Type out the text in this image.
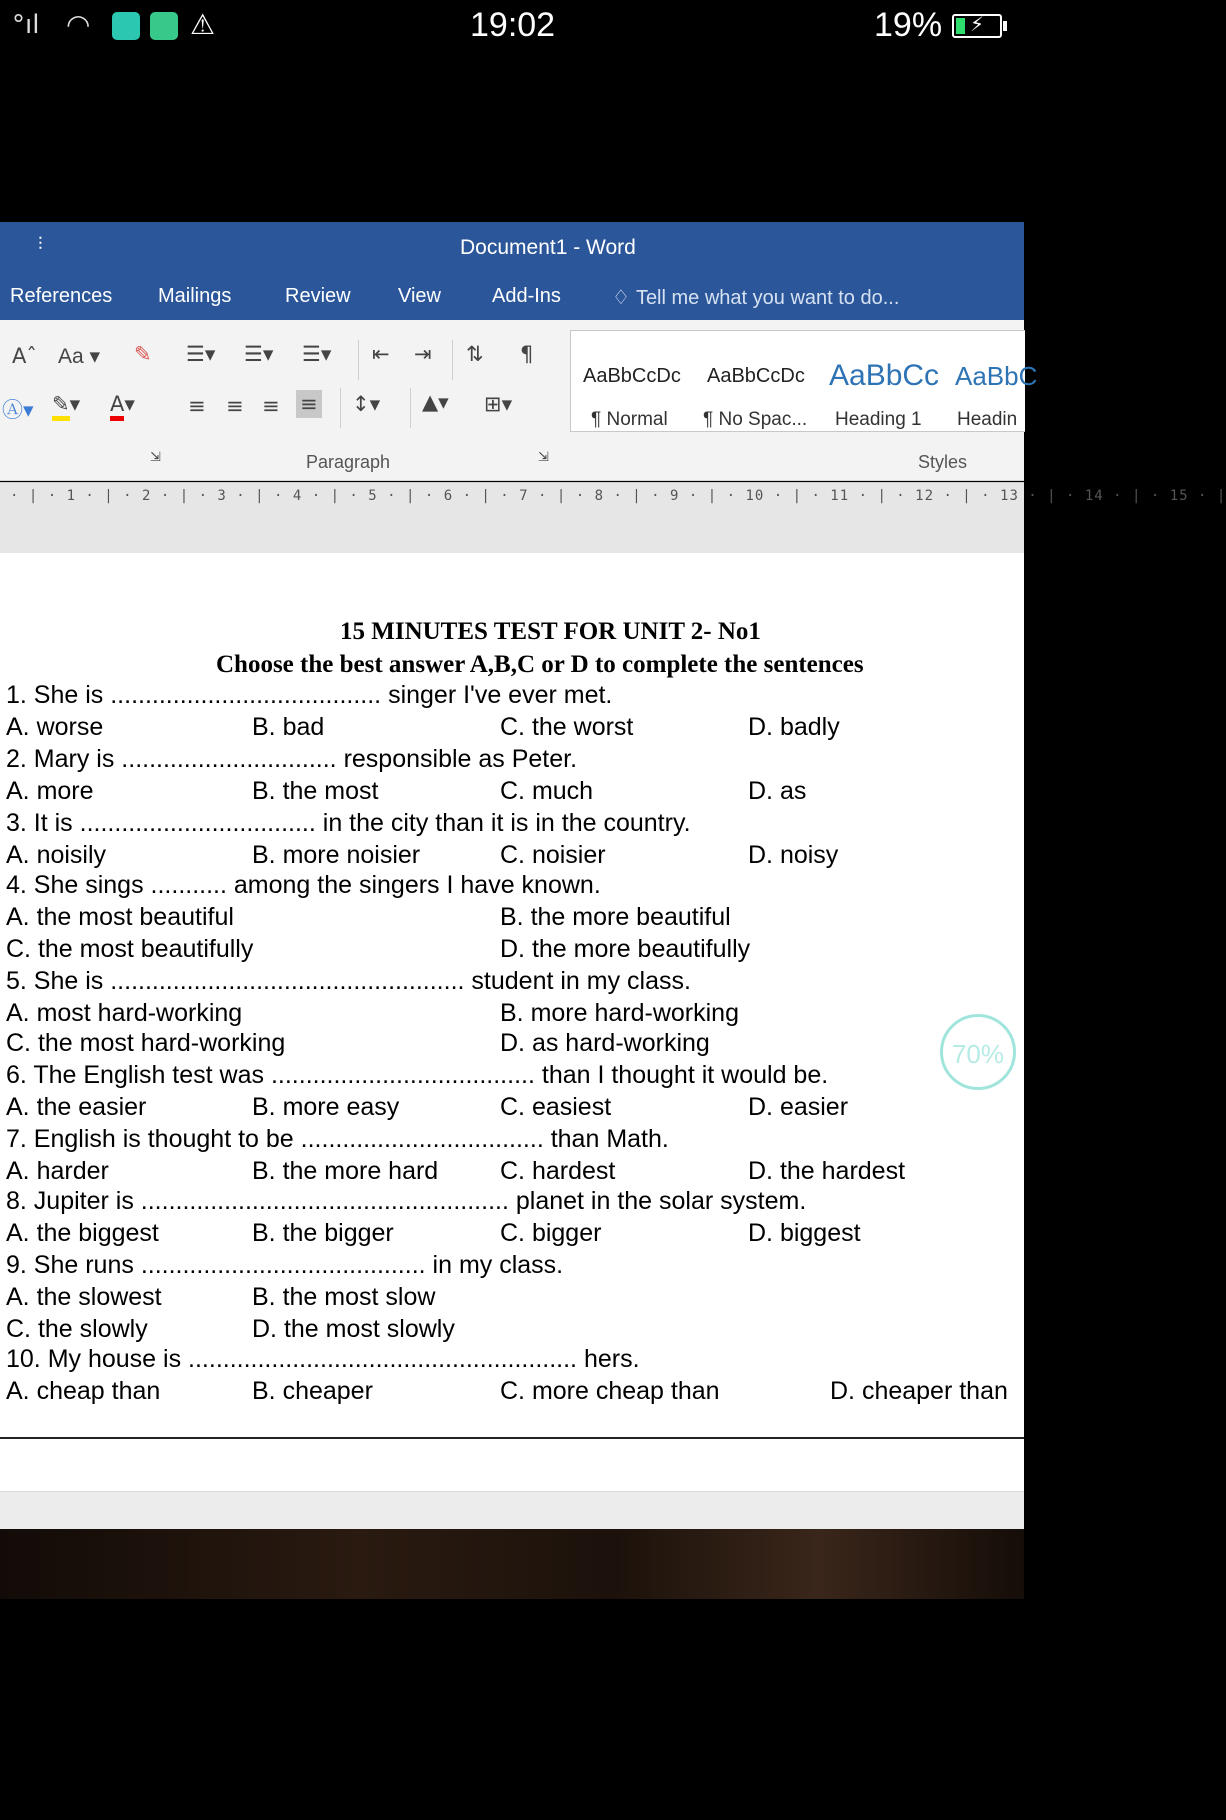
°ıl ◠	⚠	19:02	19% ⚡
⫶	Document1 - Word
References Mailings	Review View	Add-Ins	♢ Tell me what you want to do...
Aˆ Aa ▾ ✎ ☰▾ ☰▾ ☰▾ ⇤ ⇥ ⇅ ¶
Ⓐ▾ ✎▾ A▾	≡ ≡ ≡ ≡ ↕▾ ▲▾ ⊞▾
AaBbCcDc
¶ Normal
AaBbCcDc
¶ No Spac...
AaBbCc
Heading 1
AaBbC
Headin
⇲	Paragraph	⇲	Styles
· | · 1 · | · 2 · | · 3 · | · 4 · | · 5 · | · 6 · | · 7 · | · 8 · | · 9 · | · 10 · | · 11 · | · 12 · | · 13 · | · 14 · | · 15 · |
15 MINUTES TEST FOR UNIT 2- No1
Choose the best answer A,B,C or D to complete the sentences
1. She is ....................................... singer I've ever met.
A. worse	B. bad	C. the worst	D. badly
2. Mary is ............................... responsible as Peter.
A. more	B. the most	C. much	D. as
3. It is .................................. in the city than it is in the country.
A. noisily	B. more noisier	C. noisier	D. noisy
4. She sings ........... among the singers I have known.
A. the most beautiful	B. the more beautiful
C. the most beautifully	D. the more beautifully
5. She is ................................................... student in my class.
A. most hard-working	B. more hard-working
C. the most hard-working	D. as hard-working
6. The English test was ...................................... than I thought it would be.
A. the easier	B. more easy	C. easiest	D. easier
7. English is thought to be ................................... than Math.
A. harder	B. the more hard C. hardest	D. the hardest
8. Jupiter is ..................................................... planet in the solar system.
A. the biggest	B. the bigger	C. bigger	D. biggest
9. She runs ......................................... in my class.
A. the slowest	B. the most slow
C. the slowly	D. the most slowly
10. My house is ........................................................ hers.
A. cheap than	B. cheaper	C. more cheap than	D. cheaper than
70%
